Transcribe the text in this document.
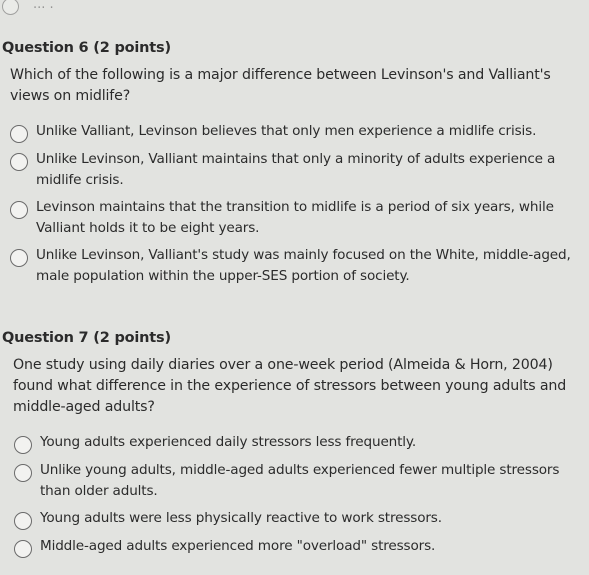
... .
Question 6 (2 points)
Which of the following is a major difference between Levinson's and Valliant's views on midlife?
Unlike Valliant, Levinson believes that only men experience a midlife crisis.
Unlike Levinson, Valliant maintains that only a minority of adults experience a midlife crisis.
Levinson maintains that the transition to midlife is a period of six years, while Valliant holds it to be eight years.
Unlike Levinson, Valliant's study was mainly focused on the White, middle-aged, male population within the upper-SES portion of society.
Question 7 (2 points)
One study using daily diaries over a one-week period (Almeida & Horn, 2004) found what difference in the experience of stressors between young adults and middle-aged adults?
Young adults experienced daily stressors less frequently.
Unlike young adults, middle-aged adults experienced fewer multiple stressors than older adults.
Young adults were less physically reactive to work stressors.
Middle-aged adults experienced more "overload" stressors.
